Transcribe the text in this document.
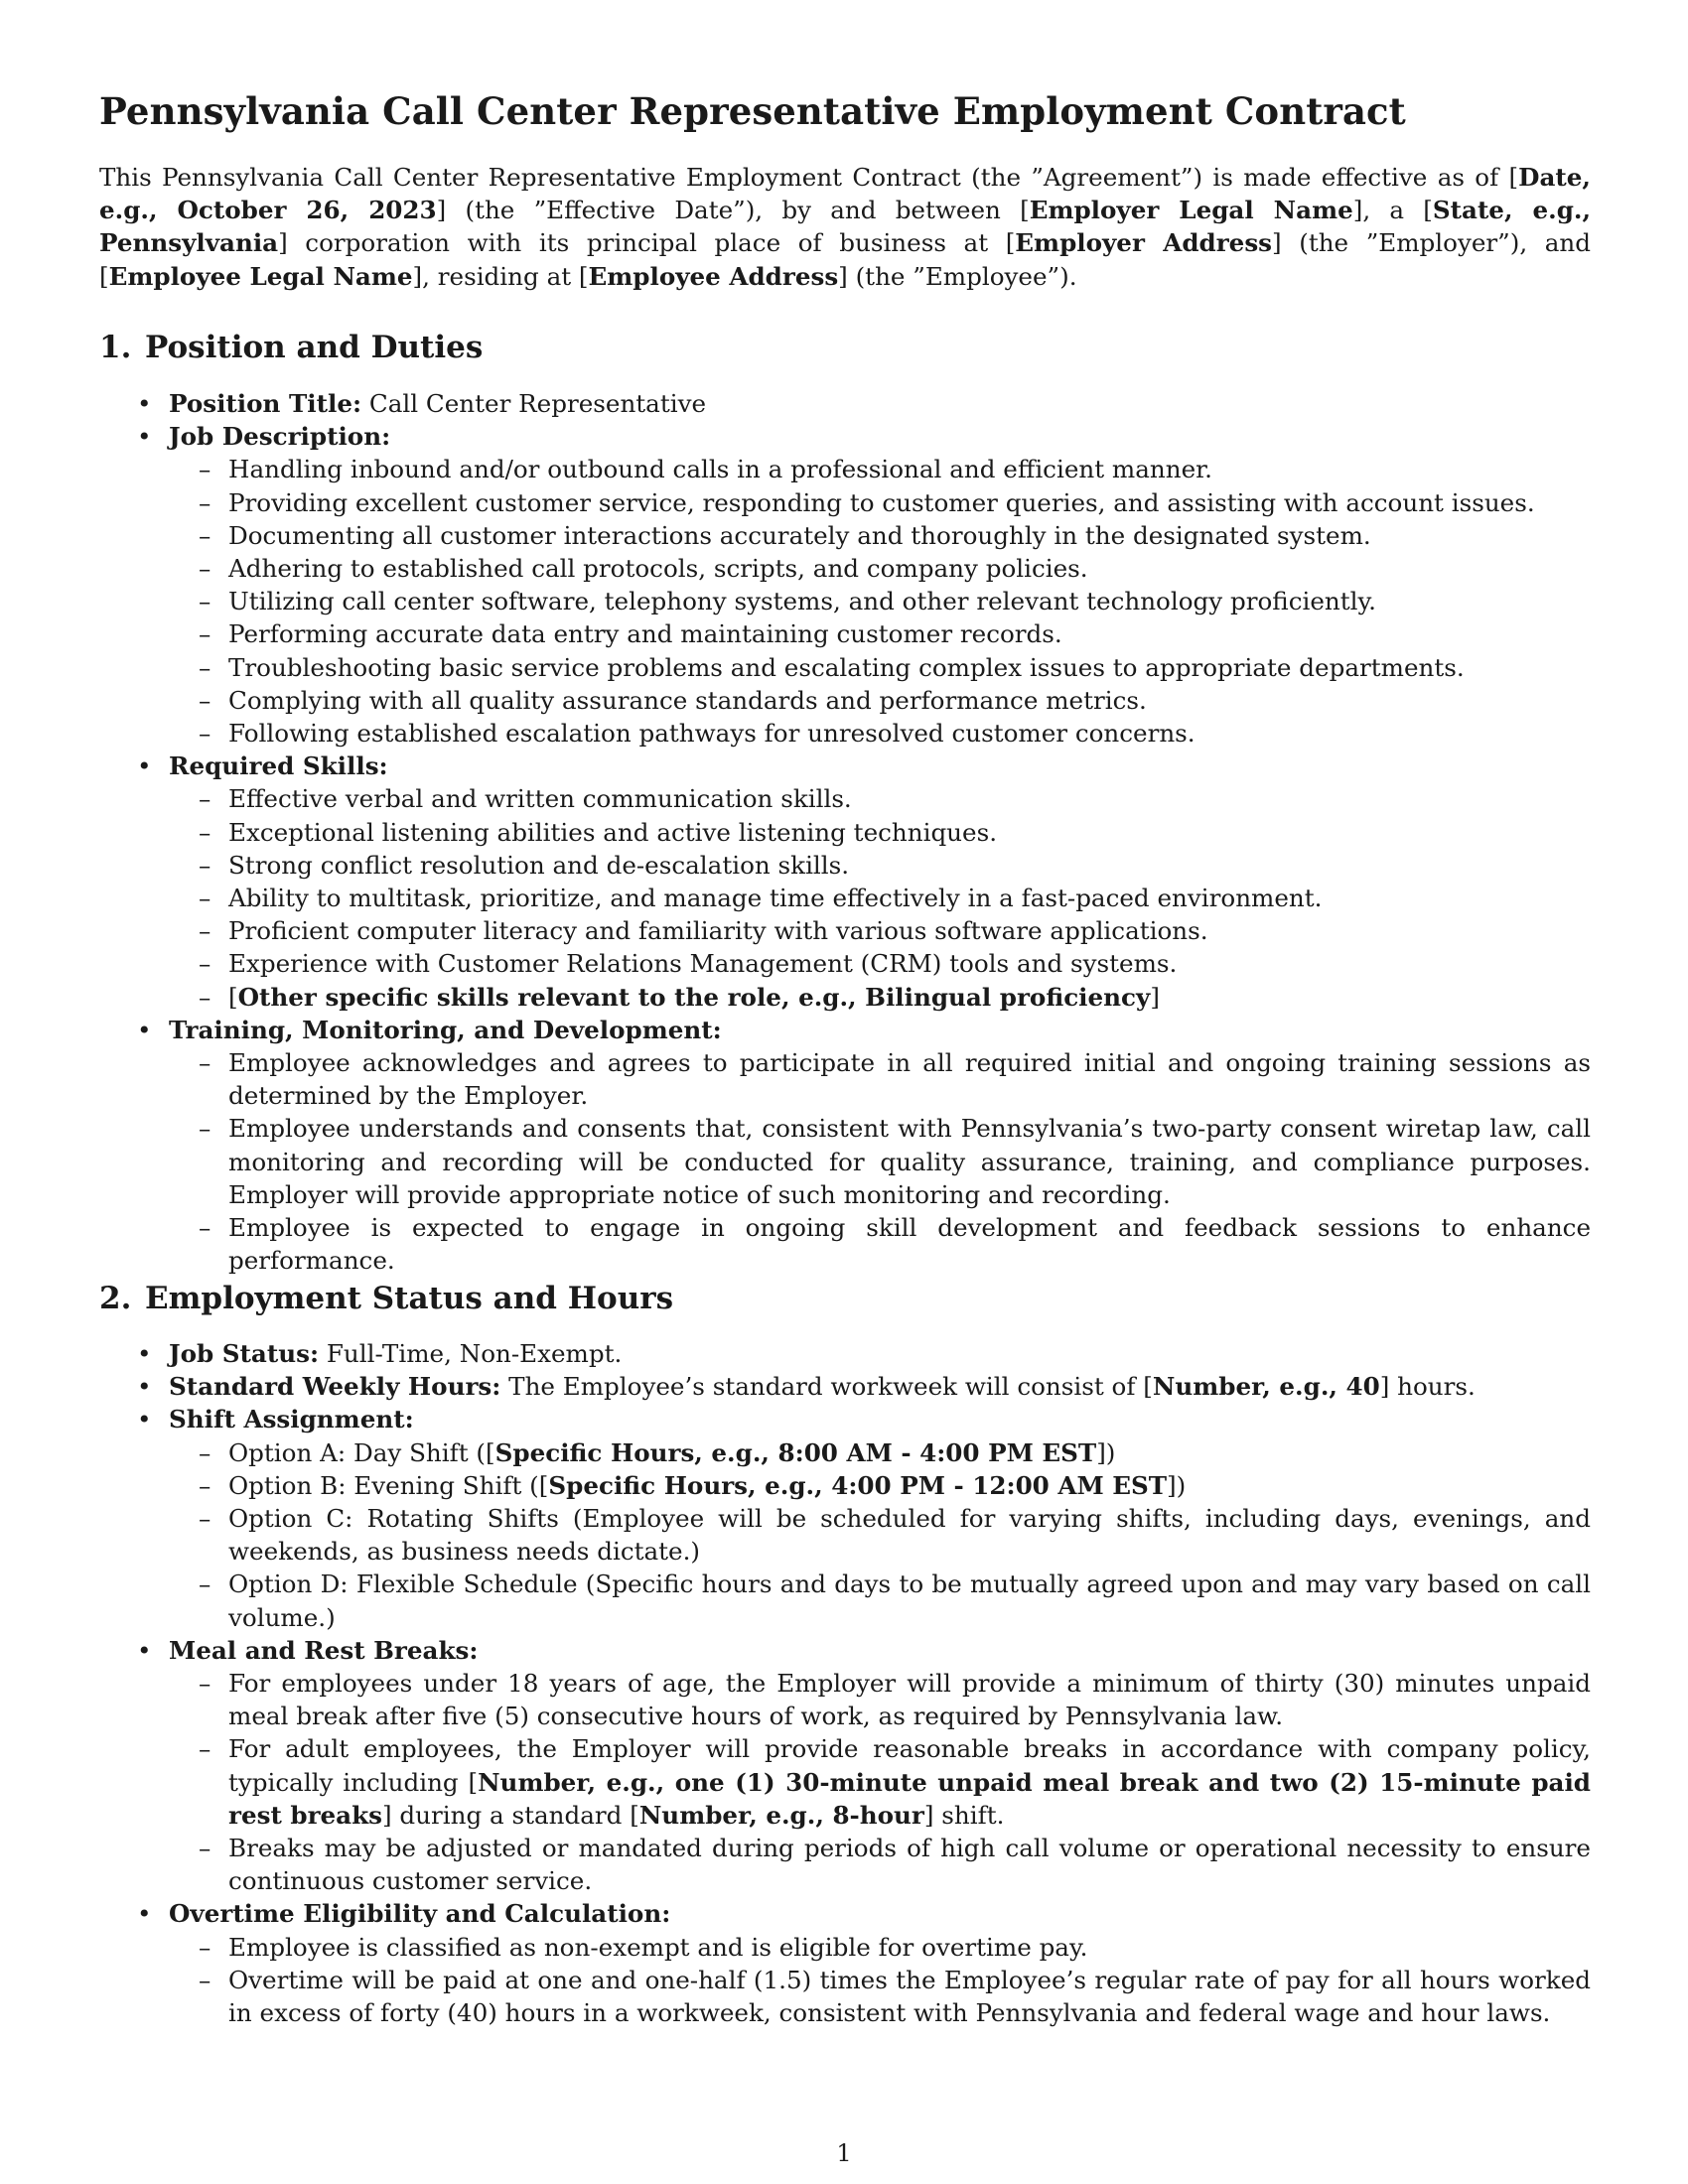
Pennsylvania Call Center Representative Employment Contract

This Pennsylvania Call Center Representative Employment Contract (the ”Agreement”) is made effective as of [Date, e.g., October 26, 2023] (the ”Effective Date”), by and between [Employer Legal Name], a [State, e.g., Pennsylvania] corporation with its principal place of business at [Employer Address] (the ”Employer”), and [Employee Legal Name], residing at [Employee Address] (the ”Employee”).

1. Position and Duties
• Position Title: Call Center Representative
• Job Description:
– Handling inbound and/or outbound calls in a professional and efficient manner.
– Providing excellent customer service, responding to customer queries, and assisting with account issues.
– Documenting all customer interactions accurately and thoroughly in the designated system.
– Adhering to established call protocols, scripts, and company policies.
– Utilizing call center software, telephony systems, and other relevant technology proficiently.
– Performing accurate data entry and maintaining customer records.
– Troubleshooting basic service problems and escalating complex issues to appropriate departments.
– Complying with all quality assurance standards and performance metrics.
– Following established escalation pathways for unresolved customer concerns.
• Required Skills:
– Effective verbal and written communication skills.
– Exceptional listening abilities and active listening techniques.
– Strong conflict resolution and de-escalation skills.
– Ability to multitask, prioritize, and manage time effectively in a fast-paced environment.
– Proficient computer literacy and familiarity with various software applications.
– Experience with Customer Relations Management (CRM) tools and systems.
– [Other specific skills relevant to the role, e.g., Bilingual proficiency]
• Training, Monitoring, and Development:
– Employee acknowledges and agrees to participate in all required initial and ongoing training sessions as determined by the Employer.
– Employee understands and consents that, consistent with Pennsylvania’s two-party consent wiretap law, call monitoring and recording will be conducted for quality assurance, training, and compliance purposes. Employer will provide appropriate notice of such monitoring and recording.
– Employee is expected to engage in ongoing skill development and feedback sessions to enhance performance.
2. Employment Status and Hours
• Job Status: Full-Time, Non-Exempt.
• Standard Weekly Hours: The Employee’s standard workweek will consist of [Number, e.g., 40] hours.
• Shift Assignment:
– Option A: Day Shift ([Specific Hours, e.g., 8:00 AM - 4:00 PM EST])
– Option B: Evening Shift ([Specific Hours, e.g., 4:00 PM - 12:00 AM EST])
– Option C: Rotating Shifts (Employee will be scheduled for varying shifts, including days, evenings, and weekends, as business needs dictate.)
– Option D: Flexible Schedule (Specific hours and days to be mutually agreed upon and may vary based on call volume.)
• Meal and Rest Breaks:
– For employees under 18 years of age, the Employer will provide a minimum of thirty (30) minutes unpaid meal break after five (5) consecutive hours of work, as required by Pennsylvania law.
– For adult employees, the Employer will provide reasonable breaks in accordance with company policy, typically including [Number, e.g., one (1) 30-minute unpaid meal break and two (2) 15-minute paid rest breaks] during a standard [Number, e.g., 8-hour] shift.
– Breaks may be adjusted or mandated during periods of high call volume or operational necessity to ensure continuous customer service.
• Overtime Eligibility and Calculation:
– Employee is classified as non-exempt and is eligible for overtime pay.
– Overtime will be paid at one and one-half (1.5) times the Employee’s regular rate of pay for all hours worked in excess of forty (40) hours in a workweek, consistent with Pennsylvania and federal wage and hour laws.
1
